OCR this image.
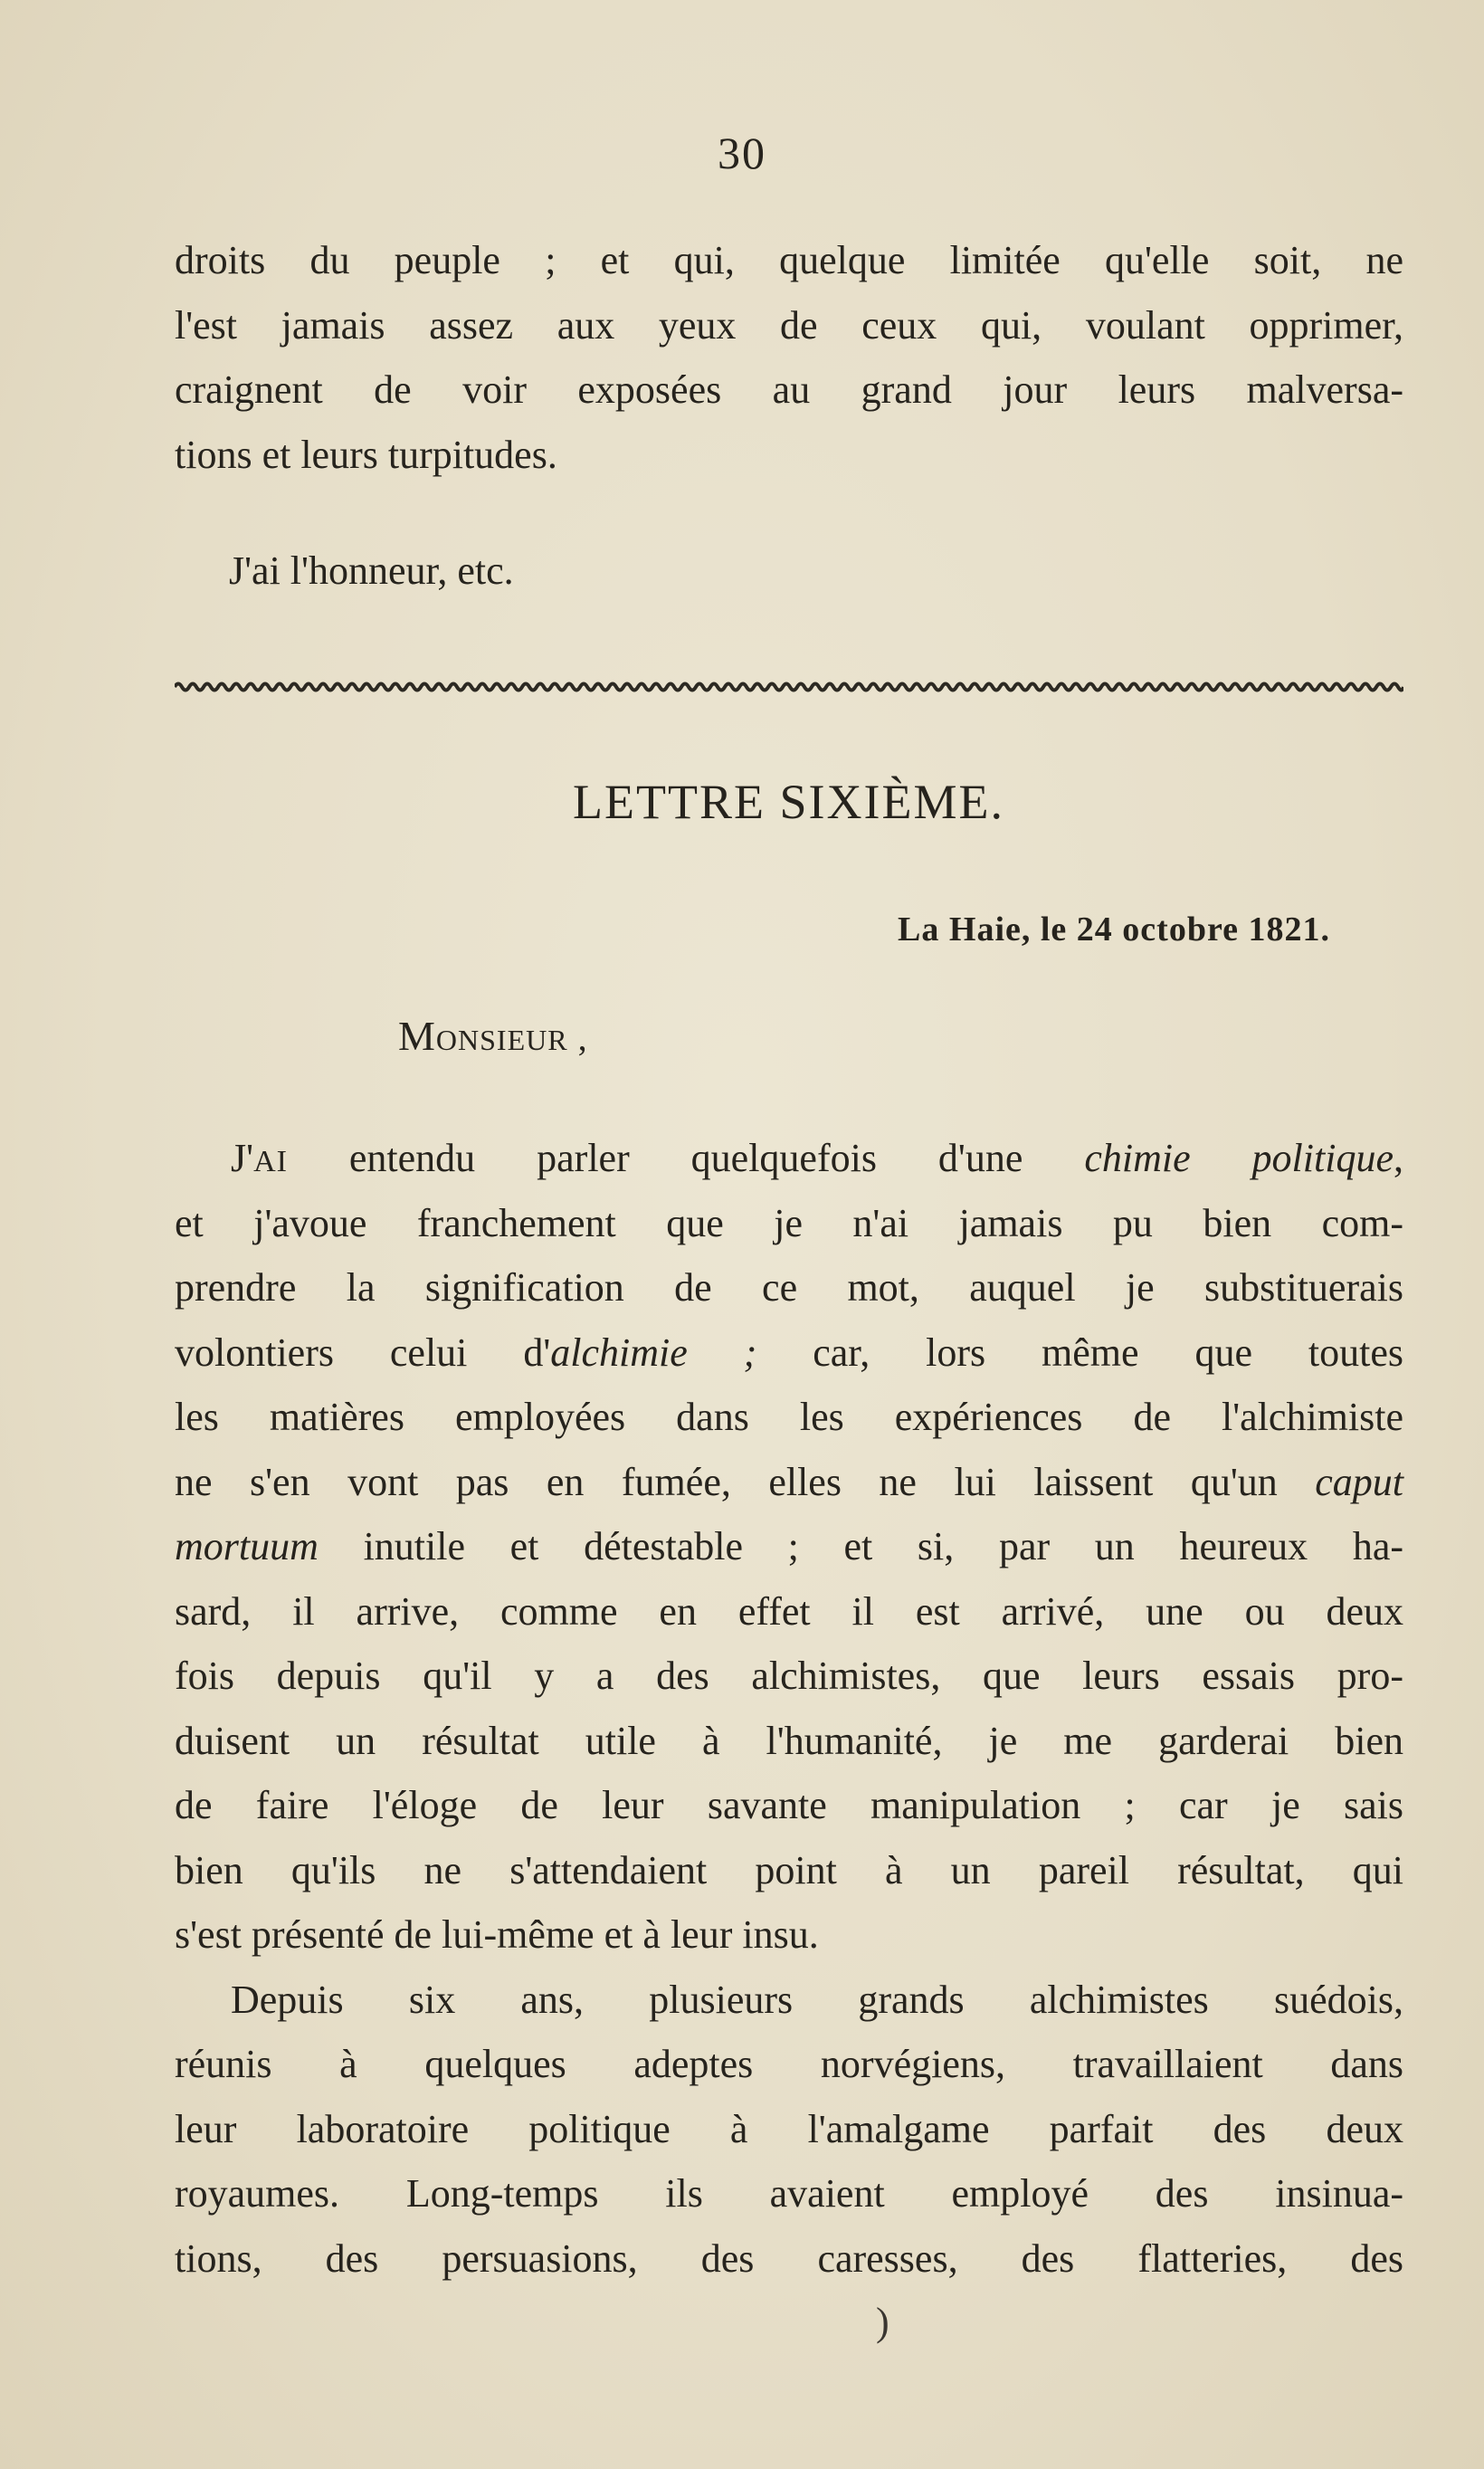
30
droits du peuple ; et qui, quelque limitée qu'elle soit, ne
l'est jamais assez aux yeux de ceux qui, voulant opprimer,
craignent de voir exposées au grand jour leurs malversa-
tions et leurs turpitudes.
J'ai l'honneur, etc.
LETTRE SIXIÈME.
La Haie, le 24 octobre 1821.
MONSIEUR ,
J'AI entendu parler quelquefois d'une chimie politique,
et j'avoue franchement que je n'ai jamais pu bien com-
prendre la signification de ce mot, auquel je substituerais
volontiers celui d'alchimie ; car, lors même que toutes
les matières employées dans les expériences de l'alchimiste
ne s'en vont pas en fumée, elles ne lui laissent qu'un caput
mortuum inutile et détestable ; et si, par un heureux ha-
sard, il arrive, comme en effet il est arrivé, une ou deux
fois depuis qu'il y a des alchimistes, que leurs essais pro-
duisent un résultat utile à l'humanité, je me garderai bien
de faire l'éloge de leur savante manipulation ; car je sais
bien qu'ils ne s'attendaient point à un pareil résultat, qui
s'est présenté de lui-même et à leur insu.
Depuis six ans, plusieurs grands alchimistes suédois,
réunis à quelques adeptes norvégiens, travaillaient dans
leur laboratoire politique à l'amalgame parfait des deux
royaumes. Long-temps ils avaient employé des insinua-
tions, des persuasions, des caresses, des flatteries, des
)
